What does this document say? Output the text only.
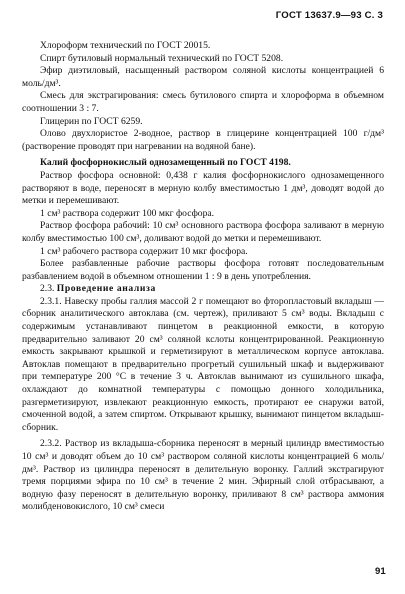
ГОСТ 13637.9—93 С. 3

Хлороформ технический по ГОСТ 20015.

Спирт бутиловый нормальный технический по ГОСТ 5208.

Эфир диэтиловый, насыщенный раствором соляной кислоты концентрацией 6 моль/дм³.

Смесь для экстрагирования: смесь бутилового спирта и хлороформа в объемном соотношении 3 : 7.

Глицерин по ГОСТ 6259.

Олово двухлористое 2-водное, раствор в глицерине концентрацией 100 г/дм³ (растворение проводят при нагревании на водяной бане).

Калий фосфорнокислый однозамещенный по ГОСТ 4198.

Раствор фосфора основной: 0,438 г калия фосфорнокислого однозамещенного растворяют в воде, переносят в мерную колбу вместимостью 1 дм³, доводят водой до метки и перемешивают.

1 см³ раствора содержит 100 мкг фосфора.

Раствор фосфора рабочий: 10 см³ основного раствора фосфора заливают в мерную колбу вместимостью 100 см³, доливают водой до метки и перемешивают.

1 см³ рабочего раствора содержит 10 мкг фосфора.

Более разбавленные рабочие растворы фосфора готовят последовательным разбавлением водой в объемном отношении 1 : 9 в день употребления.

2.3. Проведение анализа

2.3.1. Навеску пробы галлия массой 2 г помещают во фторопластовый вкладыш — сборник аналитического автоклава (см. чертеж), приливают 5 см³ воды. Вкладыш с содержимым устанавливают пинцетом в реакционной емкости, в которую предварительно заливают 20 см³ соляной кслоты концентрированной. Реакционную емкость закрывают крышкой и герметизируют в металлическом корпусе автоклава. Автоклав помещают в предварительно прогретый сушильный шкаф и выдерживают при температуре 200 °С в течение 3 ч. Автоклав вынимают из сушильного шкафа, охлаждают до комнатной температуры с помощью донного холодильника, разгерметизируют, извлекают реакционную емкость, протирают ее снаружи ватой, смоченной водой, а затем спиртом. Открывают крышку, вынимают пинцетом вкладыш-сборник.

2.3.2. Раствор из вкладыша-сборника переносят в мерный цилиндр вместимостью 10 см³ и доводят объем до 10 см³ раствором соляной кислоты концентрацией 6 моль/дм³. Раствор из цилиндра переносят в делительную воронку. Галлий экстрагируют тремя порциями эфира по 10 см³ в течение 2 мин. Эфирный слой отбрасывают, а водную фазу переносят в делительную воронку, приливают 8 см³ раствора аммония молибденовокислого, 10 см³ смеси

91
